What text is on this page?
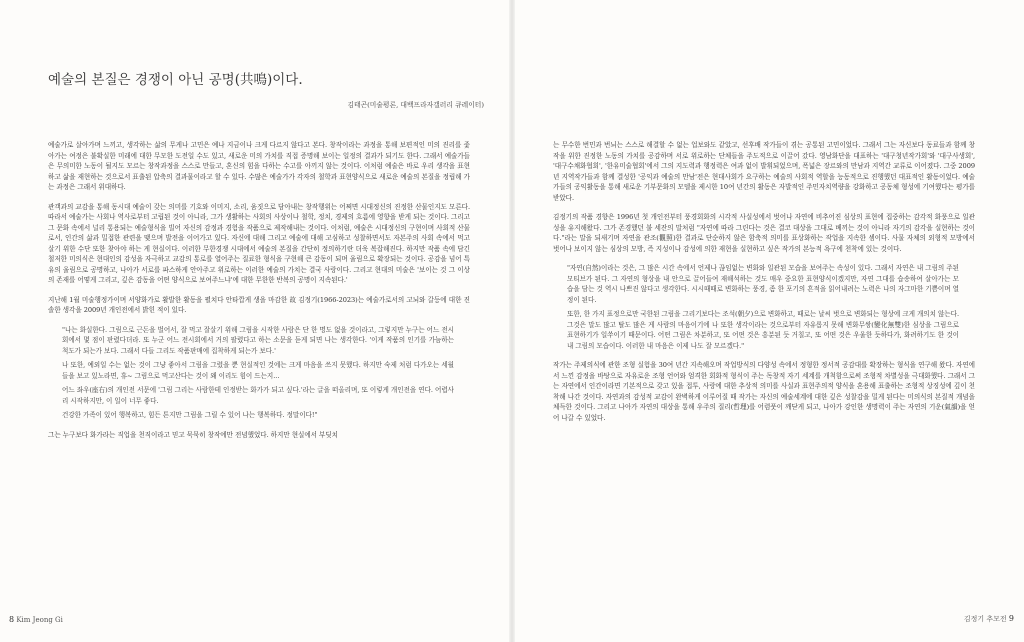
예술의 본질은 경쟁이 아닌 공명(共鳴)이다.
김태곤(미술평론, 대백프라자갤러리 큐레이터)

예술가로 살아가며 느끼고, 생각하는 삶의 무게나 고민은 예나 지금이나 크게 다르지 않다고 본다. 창작이라는 과정을 통해 보편적인 미의 진리를 좇아가는 여정은 불확실한 미래에 대한 무모한 도전일 수도 있고, 새로운 미의 가치를 직접 증명해 보이는 일정의 결과가 되기도 한다. 그래서 예술가들은 무의미한 노동이 될지도 모르는 창작과정을 스스로 만들고, 혼신의 힘을 다하는 수고를 아끼지 않는 것이다. 이처럼 예술은 바로 우리 생각을 표현하고 삶을 재현하는 것으로서 표출된 압축의 결과물이라고 할 수 있다. 수많은 예술가가 각자의 철학과 표현양식으로 새로운 예술의 본질을 정립해 가는 과정은 그래서 위대하다.

관객과의 교감을 통해 동시대 예술이 갖는 의미를 기호와 이미지, 소리, 움짓으로 담아내는 창작행위는 어쩌면 시대정신의 진정한 산물인지도 모른다. 따라서 예술가는 사회나 역사로부터 고립된 것이 아니라, 그가 생활하는 사회의 사상이나 철학, 정치, 경제의 흐름에 영향을 받게 되는 것이다. 그리고 그 문화 속에서 널리 통용되는 예술형식을 빌어 자신의 감정과 경험을 작품으로 제작해내는 것이다. 이처럼, 예술은 시대정신의 구현이며 사회적 산물로서, 인간의 삶과 밀접한 관련을 맺으며 발전을 이어가고 있다. 자신에 대해 그리고 예술에 대해 고심하고 성찰하면서도 자본주의 사회 속에서 먹고 살기 위한 수단 또한 찾아야 하는 게 현실이다. 이러한 무한경쟁 시대에서 예술의 본질을 간단히 정의하기란 더욱 복잡해진다. 하지만 작품 속에 담긴 철저한 미의식은 현대인의 감성을 자극하고 교감의 통로를 열어주는 질료한 형식을 구현해 큰 감동이 되며 울림으로 확장되는 것이다. 공감을 넘어 특유의 울림으로 공명하고, 나아가 서로를 파스하게 안아주고 위로하는 이러한 예술의 가치는 결국 사랑이다. 그리고 현대의 미술은 '보이는 것 그 이상의 존재를 어떻게 그리고, 깊은 감동을 어떤 양식으로 보여주느냐'에 대한 무한한 반복의 공명이 지속된다.'

지난해 1월 미술행정가이며 서양화가로 활발한 활동을 펼치다 안타깝게 생을 마감한 故 김정기(1966-2023)는 예술가로서의 고뇌와 갈등에 대한 진솔한 생각을 2009년 개인전에서 밝힌 적이 있다.

"나는 화실한다. 그림으로 근돈을 벌어서, 잘 먹고 잘살기 위해 그림을 시작한 사람은 단 한 명도 없을 것이라고, 그렇지만 누구는 어느 전시회에서 몇 점이 판렸다더라. 또 누군 어느 전시회에서 거의 팔렸다고 하는 소문을 듣게 되면 나는 생각한다. '이게 작품의 인기를 가늠하는 척도가 되는가 보다. 그래서 다들 그리도 작품판매에 집착하게 되는가 보다.'

나 또한, 예외일 수는 없는 것이 그냥 좋아서 그림을 그렸을 뿐 현실적인 것에는 크게 마음을 쓰지 못했다. 하지만 숙제 처럼 다가오는 세월들을 보고 있노라면, 휴~ 그림으로 먹고산다는 것이 왜 이리도 힘이 드는지...

어느 좌우(座右)의 개인전 서문에 '그림 그리는 사람한테 인정받는 화가가 되고 싶다.'라는 글을 떠올리며, 또 이렇게 개인전을 연다. 어렵사리 시작하지만, 이 일이 너무 좋다.

건강한 가족이 있어 행복하고, 힘든 튼지만 그림을 그릴 수 있어 나는 행복하다. 정말이다!"

그는 누구보다 화가라는 직업을 천직이라고 믿고 묵묵히 창작에만 전념했었다. 하지만 현실에서 부딪치

는 무수한 번민과 번뇌는 스스로 해결할 수 없는 업보와도 같았고, 선후배 작가들이 겪는 공통된 고민이었다. 그래서 그는 자신보다 동료들과 함께 창작을 위한 진정한 노동의 가치를 공감하며 서로 위로하는 단체들을 주도적으로 이끌어 갔다. 영남화단을 대표하는 '대구청년작가회'와 '대구사생회', '대구수채화협회', '한유미술협회'에서 그의 지도력과 행정력은 여과 없이 발휘되었으며, 폭넓은 장르와의 만남과 지역간 교류로 이어졌다. 그중 2009년 지역작가들과 함께 결성한 '공익과 예술의 만남'전은 현대사회가 요구하는 예술의 사회적 역할을 능동적으로 진행했던 대표적인 활동이었다. 예술가들의 공익활동을 통해 새로운 기부문화의 모델을 제시한 10여 년간의 활동은 자발적인 주민자치역량을 강화하고 공동체 형성에 기여했다는 평가를 받았다.

김정기의 작품 경향은 1996년 첫 개인전부터 풍경회화의 시각적 사실성에서 벗어나 자연에 비추어진 심상의 표현에 집중하는 감각적 화풍으로 일관성을 유지해왔다. 그가 존경했던 불 세잔의 말처럼 "자연에 따라 그린다는 것은 결코 대상을 그대로 베끼는 것이 아니라 자기의 감각을 실현하는 것이다."라는 말을 되새기며 자연을 관조(觀照)한 결과로 단순하지 않은 함축적 의미를 표상화하는 작업을 지속한 셈이다. 사물 자체의 외형적 모방에서 벗어나 보이지 않는 심상의 모방, 즉 지성이나 감성에 의한 재현을 실현하고 싶은 작가의 본능적 욕구에 천착에 있는 것이다.

"자연(自然)이라는 것은, 그 많은 시간 속에서 언제나 끊임없는 변화와 일관된 모습을 보여주는 속성이 있다. 그래서 자연은 내 그림의 주된 모티브가 된다. 그 자연의 형상을 내 안으로 끌어들여 재해석하는 것도 매우 중요한 표현양식이겠지만, 자연 그대를 습송하여 살아가는 모습을 담는 것 역시 나쁘진 않다고 생각한다. 시시때때로 변화하는 풍경, 좀 한 포기의 흔적을 읽어내려는 노력은 나의 자그마한 기쁨이며 열정이 된다.

또한, 한 가지 표정으로만 국한된 그림을 그리기보다는 조석(朝夕)으로 변화하고, 때로는 날씨 벗으로 변화되는 형상에 크게 개의치 않는다. 그것은 말도 많고 탈도 많은 게 사람의 마음이기에 나 또한 생각이라는 것으로부터 자유롭지 못해 변화무쌍(變化無雙)한 심상을 그림으로 표현하기가 일쑤이기 때문이다. 어떤 그림은 차분하고, 또 어떤 것은 흥분된 듯 거칠고, 또 어떤 것은 우울한 듯하다가, 화려하기도 한 것이 내 그림의 모습이다. 이러한 내 마음은 이제 나도 잘 모르겠다."

작가는 주제의식에 관한 조형 실험을 30여 년간 지속해오며 작업방식의 다양성 속에서 정형한 정서적 공감대를 확장하는 형식을 연구해 왔다. 자연에서 느낀 감정을 바탕으로 자유로운 조형 언어와 엄격한 회화적 형식이 주는 독창적 자기 세계를 개척함으로써 조형적 차별성을 극대화했다. 그래서 그는 자연에서 인간이라면 기본적으로 갖고 있을 접투, 사랑에 대한 추상적 의미를 사실과 표현주의적 양식을 혼용해 표출하는 조형적 상징성에 깊이 천착해 나간 것이다. 자연과의 감성적 교감이 완벽하게 이루어질 때 작가는 자신의 예술세계에 대한 깊은 성찰감을 밀게 된다는 미의식의 본질적 개념을 체득한 것이다. 그리고 나아가 자연의 대상을 통해 우주의 질리(哲理)를 어렴풋이 깨닫게 되고, 나아가 강인한 생명력이 주는 자연의 기운(氣韻)을 얻어 나갈 수 있었다.

8 Kim Jeong Gi	김정기 추모전 9
